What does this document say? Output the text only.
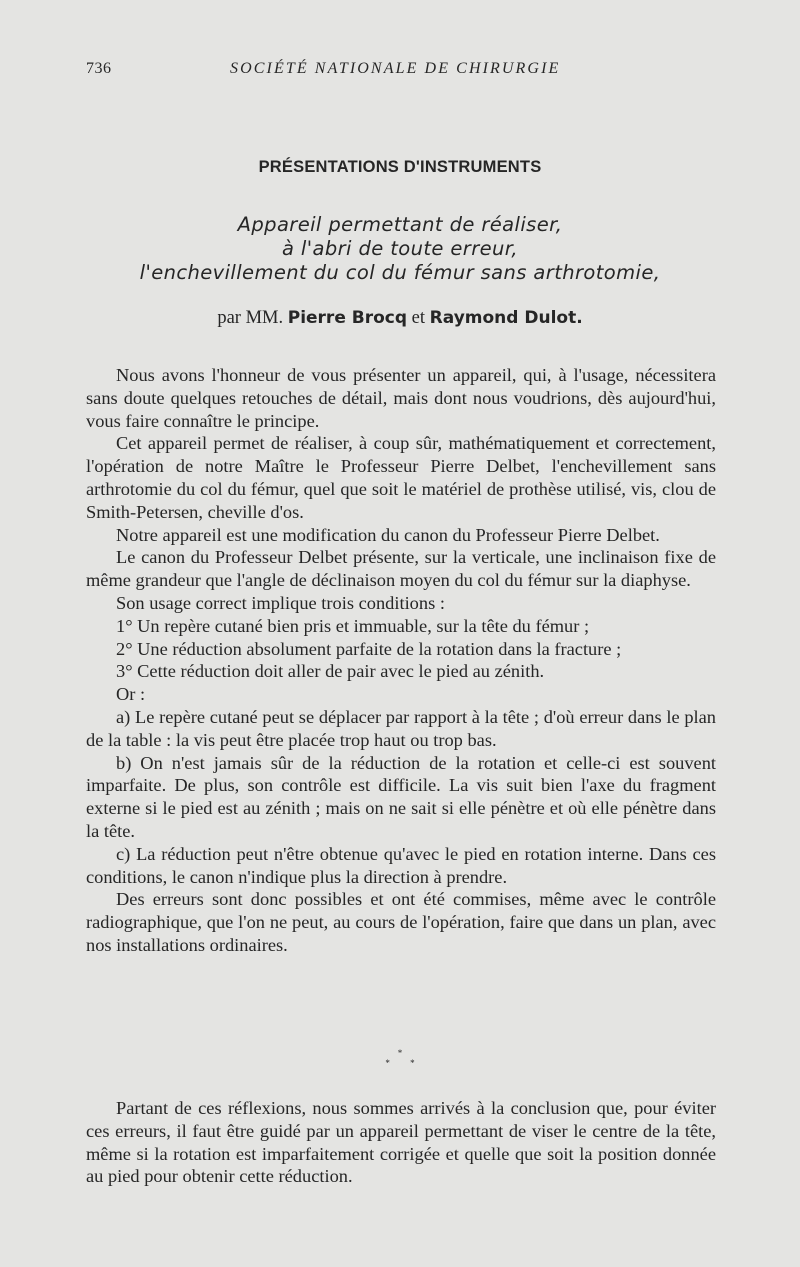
736	SOCIÉTÉ NATIONALE DE CHIRURGIE
PRÉSENTATIONS D'INSTRUMENTS
Appareil permettant de réaliser,
à l'abri de toute erreur,
l'enchevillement du col du fémur sans arthrotomie,
par MM. Pierre Brocq et Raymond Dulot.

Nous avons l'honneur de vous présenter un appareil, qui, à l'usage, nécessitera sans doute quelques retouches de détail, mais dont nous voudrions, dès aujourd'hui, vous faire connaître le principe.

Cet appareil permet de réaliser, à coup sûr, mathématiquement et correctement, l'opération de notre Maître le Professeur Pierre Delbet, l'enchevillement sans arthrotomie du col du fémur, quel que soit le matériel de prothèse utilisé, vis, clou de Smith-Petersen, cheville d'os.

Notre appareil est une modification du canon du Professeur Pierre Delbet.

Le canon du Professeur Delbet présente, sur la verticale, une inclinaison fixe de même grandeur que l'angle de déclinaison moyen du col du fémur sur la diaphyse.

Son usage correct implique trois conditions :

1° Un repère cutané bien pris et immuable, sur la tête du fémur ;

2° Une réduction absolument parfaite de la rotation dans la fracture ;

3° Cette réduction doit aller de pair avec le pied au zénith.

Or :

a) Le repère cutané peut se déplacer par rapport à la tête ; d'où erreur dans le plan de la table : la vis peut être placée trop haut ou trop bas.

b) On n'est jamais sûr de la réduction de la rotation et celle-ci est souvent imparfaite. De plus, son contrôle est difficile. La vis suit bien l'axe du fragment externe si le pied est au zénith ; mais on ne sait si elle pénètre et où elle pénètre dans la tête.

c) La réduction peut n'être obtenue qu'avec le pied en rotation interne. Dans ces conditions, le canon n'indique plus la direction à prendre.

Des erreurs sont donc possibles et ont été commises, même avec le contrôle radiographique, que l'on ne peut, au cours de l'opération, faire que dans un plan, avec nos installations ordinaires.

*
* *

Partant de ces réflexions, nous sommes arrivés à la conclusion que, pour éviter ces erreurs, il faut être guidé par un appareil permettant de viser le centre de la tête, même si la rotation est imparfaitement corrigée et quelle que soit la position donnée au pied pour obtenir cette réduction.
